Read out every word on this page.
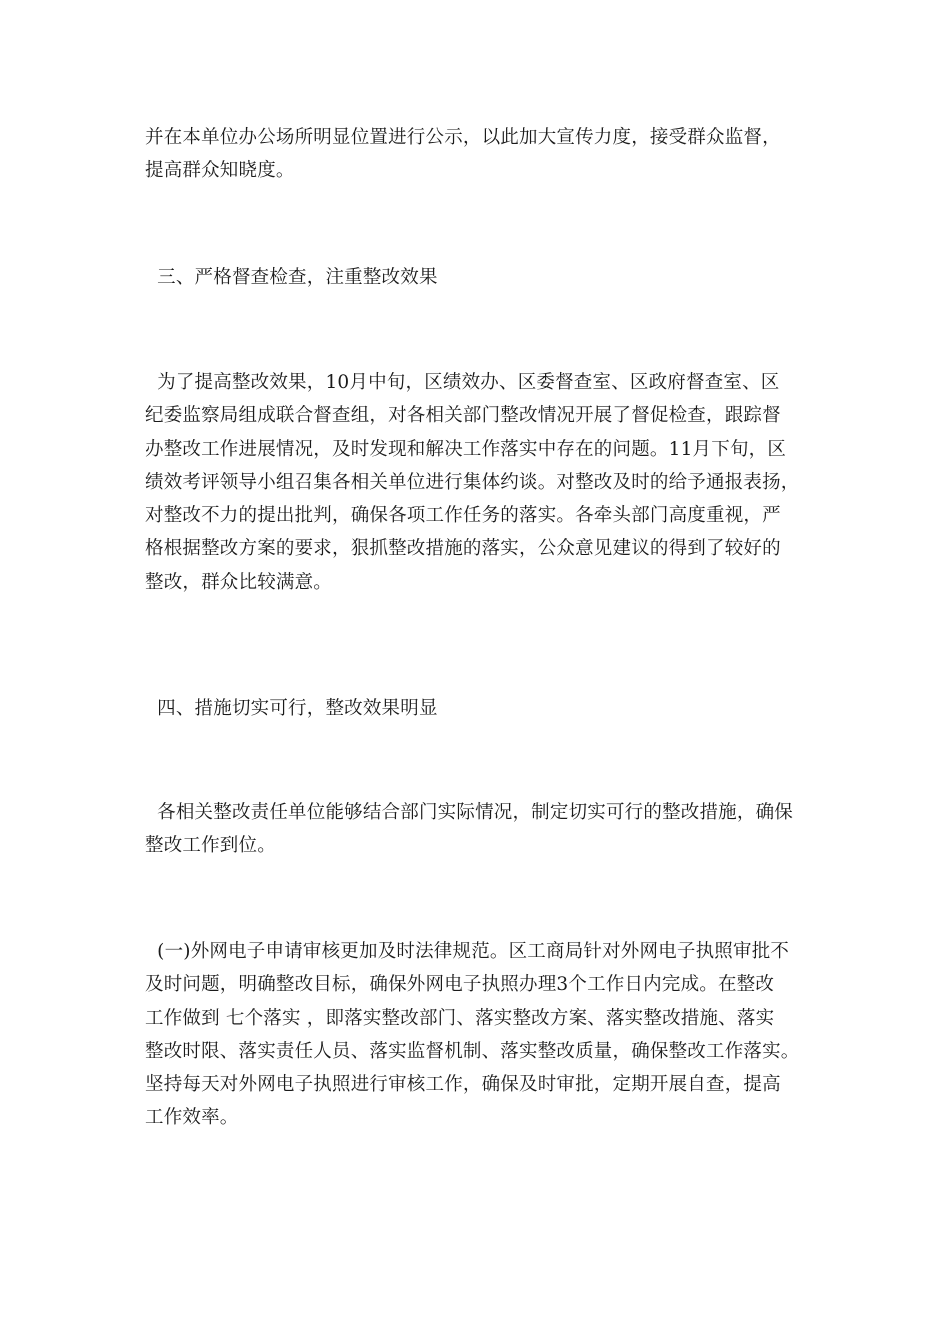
并在本单位办公场所明显位置进行公示，以此加大宣传力度，接受群众监督，
提高群众知晓度。
三、严格督查检查，注重整改效果
为了提高整改效果，10月中旬，区绩效办、区委督查室、区政府督查室、区
纪委监察局组成联合督查组，对各相关部门整改情况开展了督促检查，跟踪督
办整改工作进展情况，及时发现和解决工作落实中存在的问题。11月下旬，区
绩效考评领导小组召集各相关单位进行集体约谈。对整改及时的给予通报表扬，
对整改不力的提出批判，确保各项工作任务的落实。各牵头部门高度重视，严
格根据整改方案的要求，狠抓整改措施的落实，公众意见建议的得到了较好的
整改，群众比较满意。
四、措施切实可行，整改效果明显
各相关整改责任单位能够结合部门实际情况，制定切实可行的整改措施，确保
整改工作到位。
(一)外网电子申请审核更加及时法律规范。区工商局针对外网电子执照审批不
及时问题，明确整改目标，确保外网电子执照办理3个工作日内完成。在整改
工作做到 七个落实 ，即落实整改部门、落实整改方案、落实整改措施、落实
整改时限、落实责任人员、落实监督机制、落实整改质量，确保整改工作落实。
坚持每天对外网电子执照进行审核工作，确保及时审批，定期开展自查，提高
工作效率。
